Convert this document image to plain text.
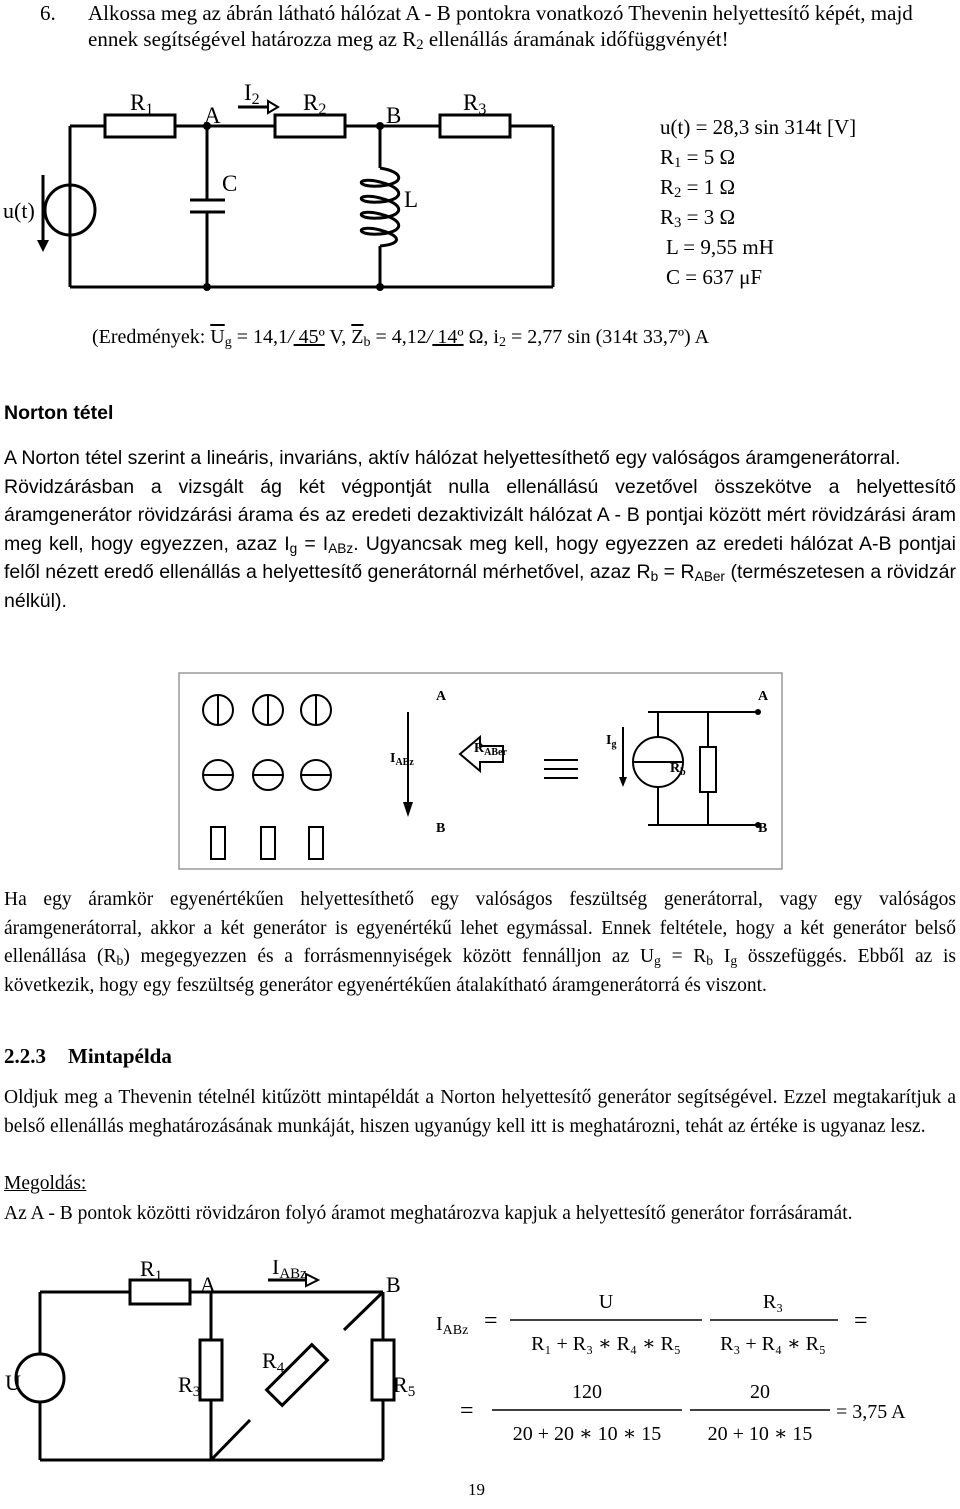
6. Alkossa meg az ábrán látható hálózat A - B pontokra vonatkozó Thevenin helyettesítő képét, majd ennek segítségével határozza meg az $R_2$ ellenállás áramának időfüggvényét!
R1 A
I2 R2	B
R3
C
L
u(t)
u(t) = 28,3 sin 314t [V]
$R_1 = 5$ Ω
$R_2 = 1$ Ω
$R_3 = 3$ Ω
L = 9,55 mH
C = 637 μF
(Eredmények: $\overline{U}_g = 14,1/$ 45º V, $\overline{Z}_b = 4,12/$ 14º Ω, $i_2 = 2,77$ sin (314t 33,7º) A
Norton tétel
A Norton tétel szerint a lineáris, invariáns, aktív hálózat helyettesíthető egy valóságos áramgenerátorral.
Rövidzárásban a vizsgált ág két végpontját nulla ellenállású vezetővel összekötve a helyettesítő áramgenerátor rövidzárási árama és az eredeti dezaktivizált hálózat A - B pontjai között mért rövidzárási áram meg kell, hogy egyezzen, azaz $I_g = I_{ABz}$. Ugyancsak meg kell, hogy egyezzen az eredeti hálózat A-B pontjai felől nézett eredő ellenállás a helyettesítő generátornál mérhetővel, azaz $R_b = R_{ABer}$ (természetesen a rövidzár nélkül).
A
B
$I_{ABz}$
$R_{ABer}$
A
B
$I_g$
$R_b$
Ha egy áramkör egyenértékűen helyettesíthető egy valóságos feszültség generátorral, vagy egy valóságos áramgenerátorral, akkor a két generátor is egyenértékű lehet egymással. Ennek feltétele, hogy a két generátor belső ellenállása $(R_b)$ megegyezzen és a forrásmennyiségek között fennálljon az $U_g = R_b$ $I_g$ összefüggés. Ebből az is következik, hogy egy feszültség generátor egyenértékűen átalakítható áramgenerátorrá és viszont.
2.2.3 Mintapélda
Oldjuk meg a Thevenin tételnél kitűzött mintapéldát a Norton helyettesítő generátor segítségével. Ezzel megtakarítjuk a belső ellenállás meghatározásának munkáját, hiszen ugyanúgy kell itt is meghatározni, tehát az értéke is ugyanaz lesz.
Megoldás:
Az A - B pontok közötti rövidzáron folyó áramot meghatározva kapjuk a helyettesítő generátor forrásáramát.
R1 A
IABz	B
U	R3
R4
R5
$I_{ABz}$ =
U
R₁ + R₃ ∗ R₄ ∗ R₅
R₃
R₃ + R₄ ∗ R₅
=
=
120
20 + 20 ∗ 10 ∗ 15
20
20 + 10 ∗ 15
= 3,75 A
19
